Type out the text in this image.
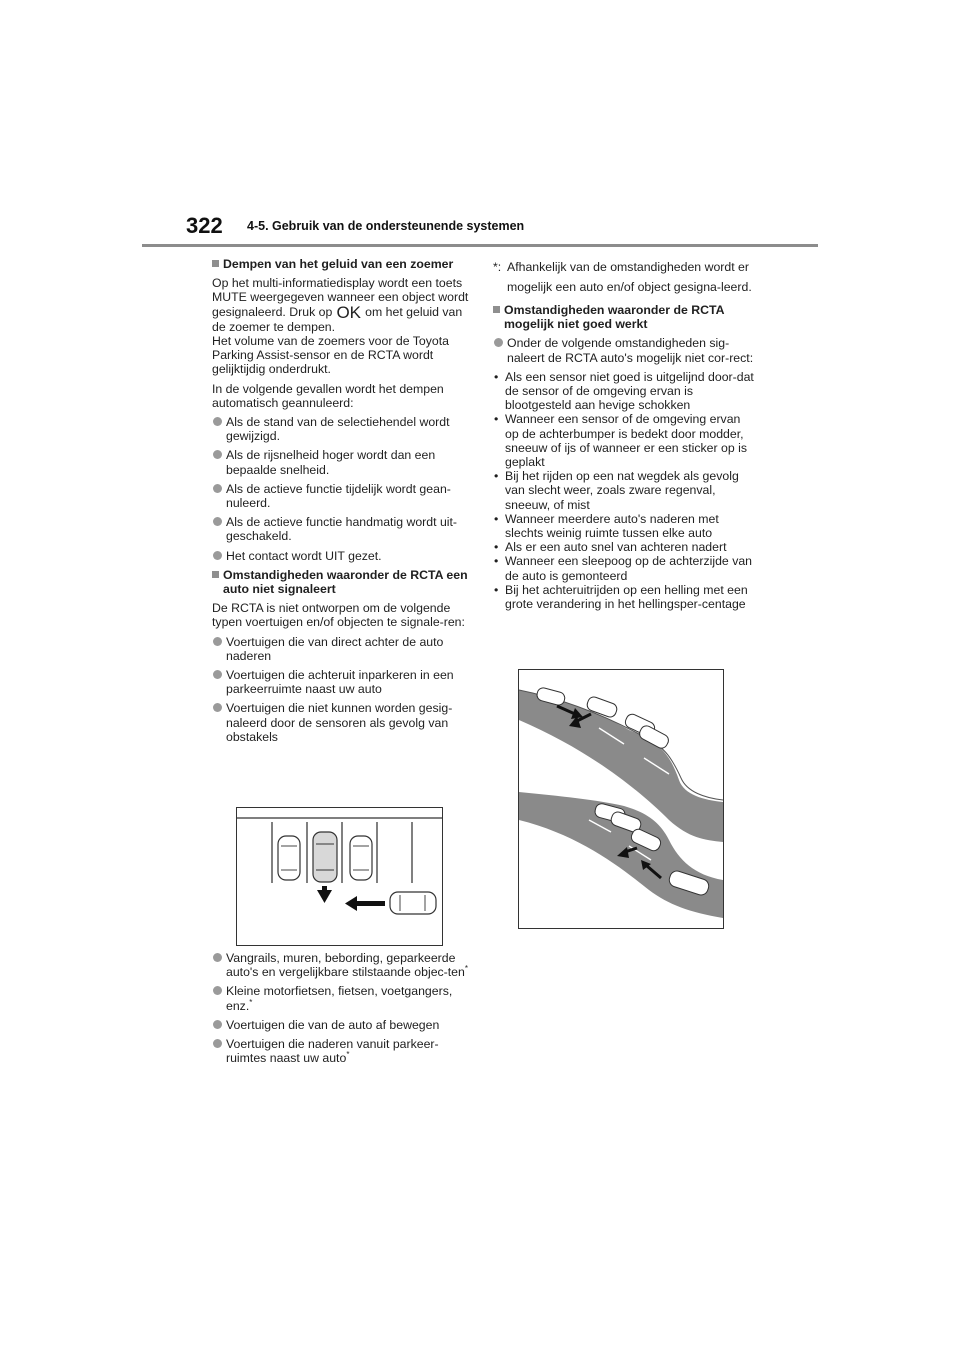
322 4-5. Gebruik van de ondersteunende systemen
Dempen van het geluid van een zoemer

Op het multi-informatiedisplay wordt een toets MUTE weergegeven wanneer een object wordt gesignaleerd. Druk op OK om het geluid van de zoemer te dempen.
Het volume van de zoemers voor de Toyota Parking Assist-sensor en de RCTA wordt gelijktijdig onderdrukt.

In de volgende gevallen wordt het dempen automatisch geannuleerd:

Als de stand van de selectiehendel wordt gewijzigd.
Als de rijsnelheid hoger wordt dan een bepaalde snelheid.
Als de actieve functie tijdelijk wordt gean-nuleerd.
Als de actieve functie handmatig wordt uit-geschakeld.
Het contact wordt UIT gezet.
Omstandigheden waaronder de RCTA een auto niet signaleert

De RCTA is niet ontworpen om de volgende typen voertuigen en/of objecten te signale-ren:

Voertuigen die van direct achter de auto naderen
Voertuigen die achteruit inparkeren in een parkeerruimte naast uw auto
Voertuigen die niet kunnen worden gesig-naleerd door de sensoren als gevolg van obstakels
Vangrails, muren, bebording, geparkeerde auto's en vergelijkbare stilstaande objec-ten*
Kleine motorfietsen, fietsen, voetgangers, enz.*
Voertuigen die van de auto af bewegen
Voertuigen die naderen vanuit parkeer-ruimtes naast uw auto*
*: Afhankelijk van de omstandigheden wordt er mogelijk een auto en/of object gesigna-leerd.
Omstandigheden waaronder de RCTA mogelijk niet goed werkt
Onder de volgende omstandigheden sig-naleert de RCTA auto's mogelijk niet cor-rect:
• Als een sensor niet goed is uitgelijnd door-dat de sensor of de omgeving ervan is blootgesteld aan hevige schokken
• Wanneer een sensor of de omgeving ervan op de achterbumper is bedekt door modder, sneeuw of ijs of wanneer er een sticker op is geplakt
• Bij het rijden op een nat wegdek als gevolg van slecht weer, zoals zware regenval, sneeuw, of mist
• Wanneer meerdere auto's naderen met slechts weinig ruimte tussen elke auto
• Als er een auto snel van achteren nadert
• Wanneer een sleepoog op de achterzijde van de auto is gemonteerd
• Bij het achteruitrijden op een helling met een grote verandering in het hellingsper-centage
